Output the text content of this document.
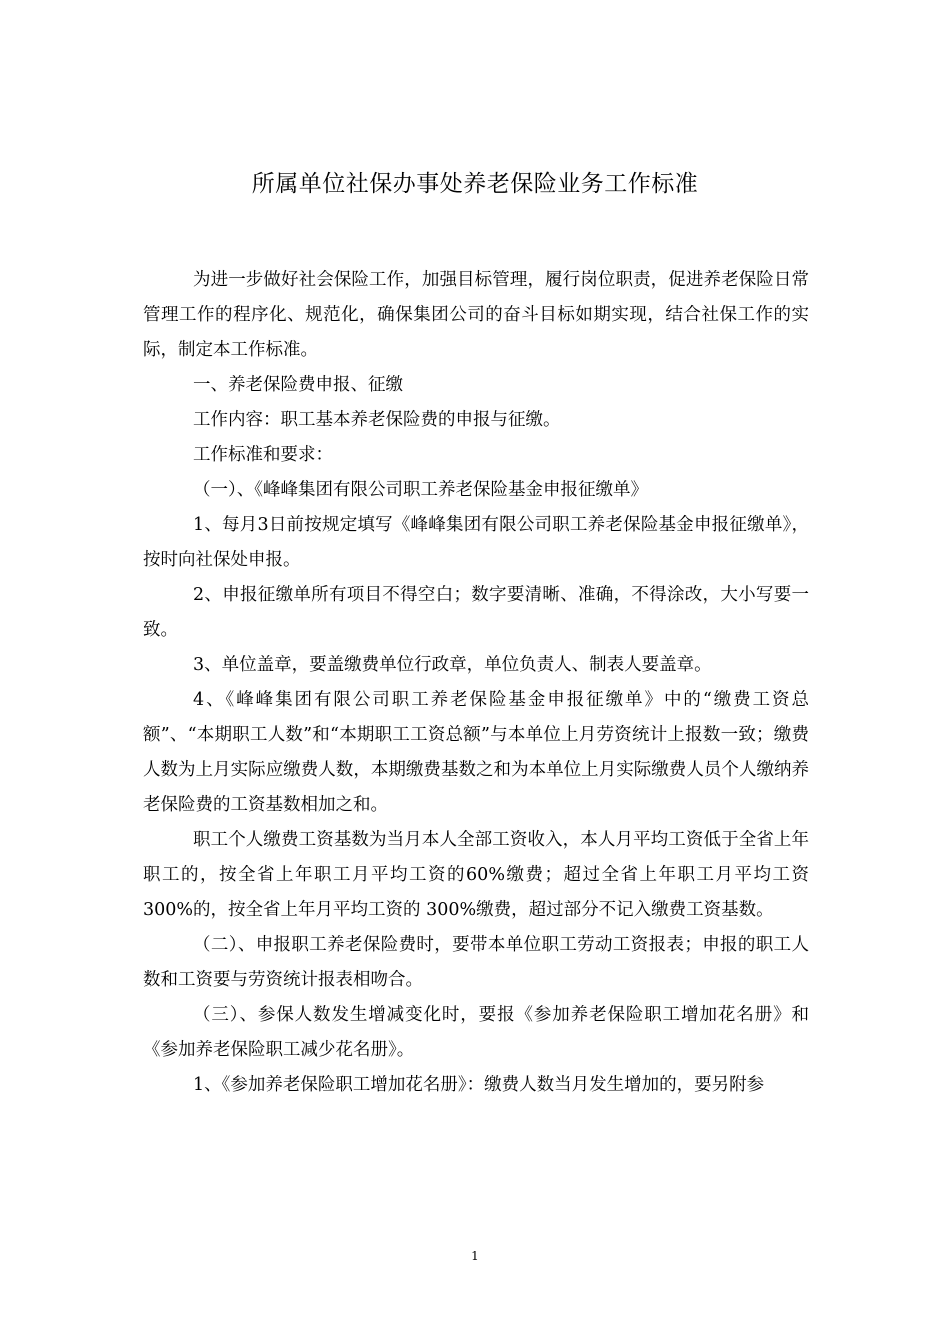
所属单位社保办事处养老保险业务工作标准

为进一步做好社会保险工作，加强目标管理，履行岗位职责，促进养老保险日常管理工作的程序化、规范化，确保集团公司的奋斗目标如期实现，结合社保工作的实际，制定本工作标准。

一、养老保险费申报、征缴

工作内容：职工基本养老保险费的申报与征缴。

工作标准和要求：

（一）、《峰峰集团有限公司职工养老保险基金申报征缴单》

1、每月3日前按规定填写《峰峰集团有限公司职工养老保险基金申报征缴单》，按时向社保处申报。

2、申报征缴单所有项目不得空白；数字要清晰、准确，不得涂改，大小写要一致。

3、单位盖章，要盖缴费单位行政章，单位负责人、制表人要盖章。

4、《峰峰集团有限公司职工养老保险基金申报征缴单》中的“缴费工资总额”、“本期职工人数”和“本期职工工资总额”与本单位上月劳资统计上报数一致；缴费人数为上月实际应缴费人数，本期缴费基数之和为本单位上月实际缴费人员个人缴纳养老保险费的工资基数相加之和。

职工个人缴费工资基数为当月本人全部工资收入，本人月平均工资低于全省上年职工的，按全省上年职工月平均工资的60%缴费；超过全省上年职工月平均工资 300%的，按全省上年月平均工资的 300%缴费，超过部分不记入缴费工资基数。

（二）、申报职工养老保险费时，要带本单位职工劳动工资报表；申报的职工人数和工资要与劳资统计报表相吻合。

（三）、参保人数发生增减变化时，要报《参加养老保险职工增加花名册》和《参加养老保险职工减少花名册》。

1、《参加养老保险职工增加花名册》：缴费人数当月发生增加的，要另附参

1
